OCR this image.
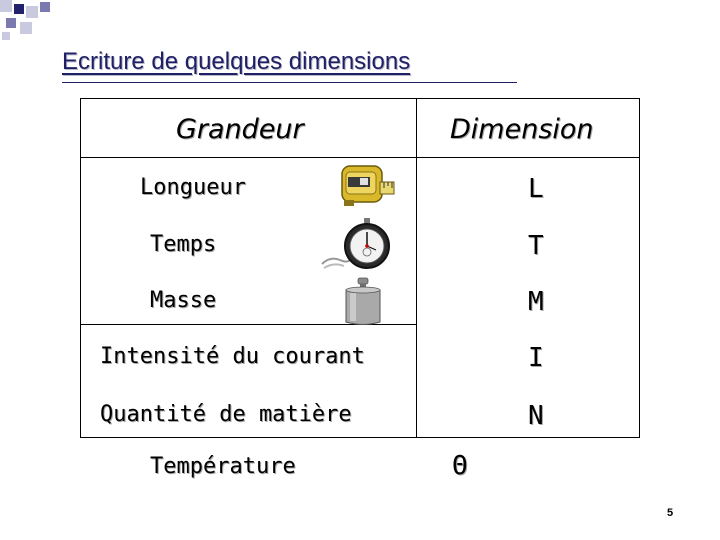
Ecriture de quelques dimensions
Grandeur	Dimension
Longueur
Temps
Masse
Intensité du courant
Quantité de matière
Température
L
T
M
I
N
Θ
5
